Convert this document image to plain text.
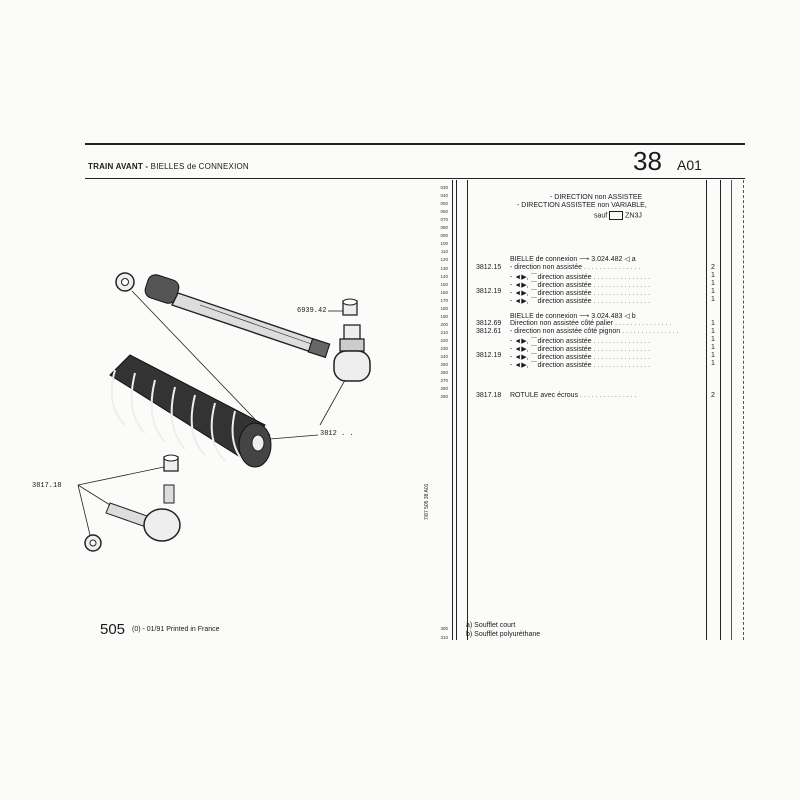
TRAIN AVANT - BIELLES de CONNEXION	38 A01
- DIRECTION non ASSISTEE
- DIRECTION ASSISTEE non VARIABLE,
sauf	ZN3J
030
040
050
060
070
080
090
100
110
120
130
140
150
160
170
180
190
200
210
220
230
240
250
260
270
280
290
BIELLE de connexion ⟶ 3.024.482 ◁ a
3812.15 - direction non assistée . . . . . . . . . . . . . . .	2
- ◄▶, ⌒direction assistée . . . . . . . . . . . . . . .	1
- ◄▶, ⌒direction assistée . . . . . . . . . . . . . . .	1
3812.19 - ◄▶, ⌒direction assistée . . . . . . . . . . . . . . .	1
- ◄▶, ⌒direction assistée . . . . . . . . . . . . . . .	1
BIELLE de connexion ⟶ 3.024.483 ◁ b
3812.69 Direction non assistée côté palier . . . . . . . . . . . . . . .	1
3812.61 - direction non assistée côté pignon . . . . . . . . . . . . . . .	1
- ◄▶, ⌒direction assistée . . . . . . . . . . . . . . .	1
- ◄▶, ⌒direction assistée . . . . . . . . . . . . . . .	1
3812.19 - ◄▶, ⌒direction assistée . . . . . . . . . . . . . . .	1
- ◄▶, ⌒direction assistée . . . . . . . . . . . . . . .	1
3817.18 ROTULE avec écrous . . . . . . . . . . . . . . .	2
300	a) Soufflet court
310	b) Soufflet polyuréthane
7/87 505 38 A01
505 (0) - 01/91 Printed in France
6939.42
3812 . .
3817.18
